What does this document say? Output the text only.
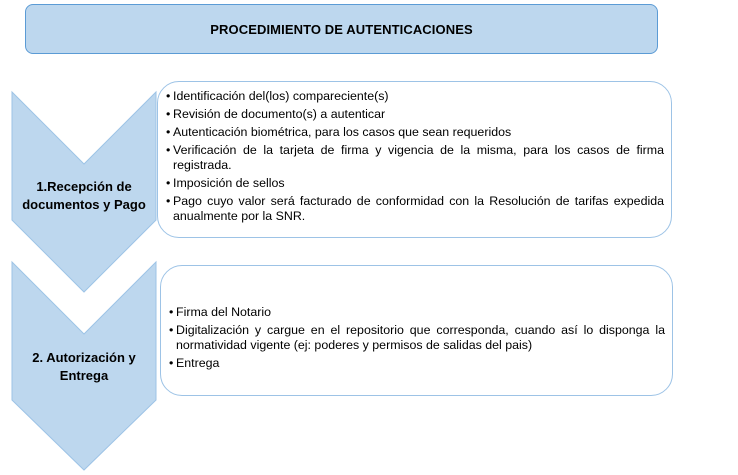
PROCEDIMIENTO DE AUTENTICACIONES
1.Recepción de documentos y Pago
2. Autorización y Entrega
• Identificación del(los) compareciente(s)
• Revisión de documento(s) a autenticar
• Autenticación biométrica, para los casos que sean requeridos
• Verificación de la tarjeta de firma y vigencia de la misma, para los casos de firma registrada.
• Imposición de sellos
• Pago cuyo valor será facturado de conformidad con la Resolución de tarifas expedida anualmente por la SNR.
• Firma del Notario
• Digitalización y cargue en el repositorio que corresponda, cuando así lo disponga la normatividad vigente (ej: poderes y permisos de salidas del pais)
• Entrega
